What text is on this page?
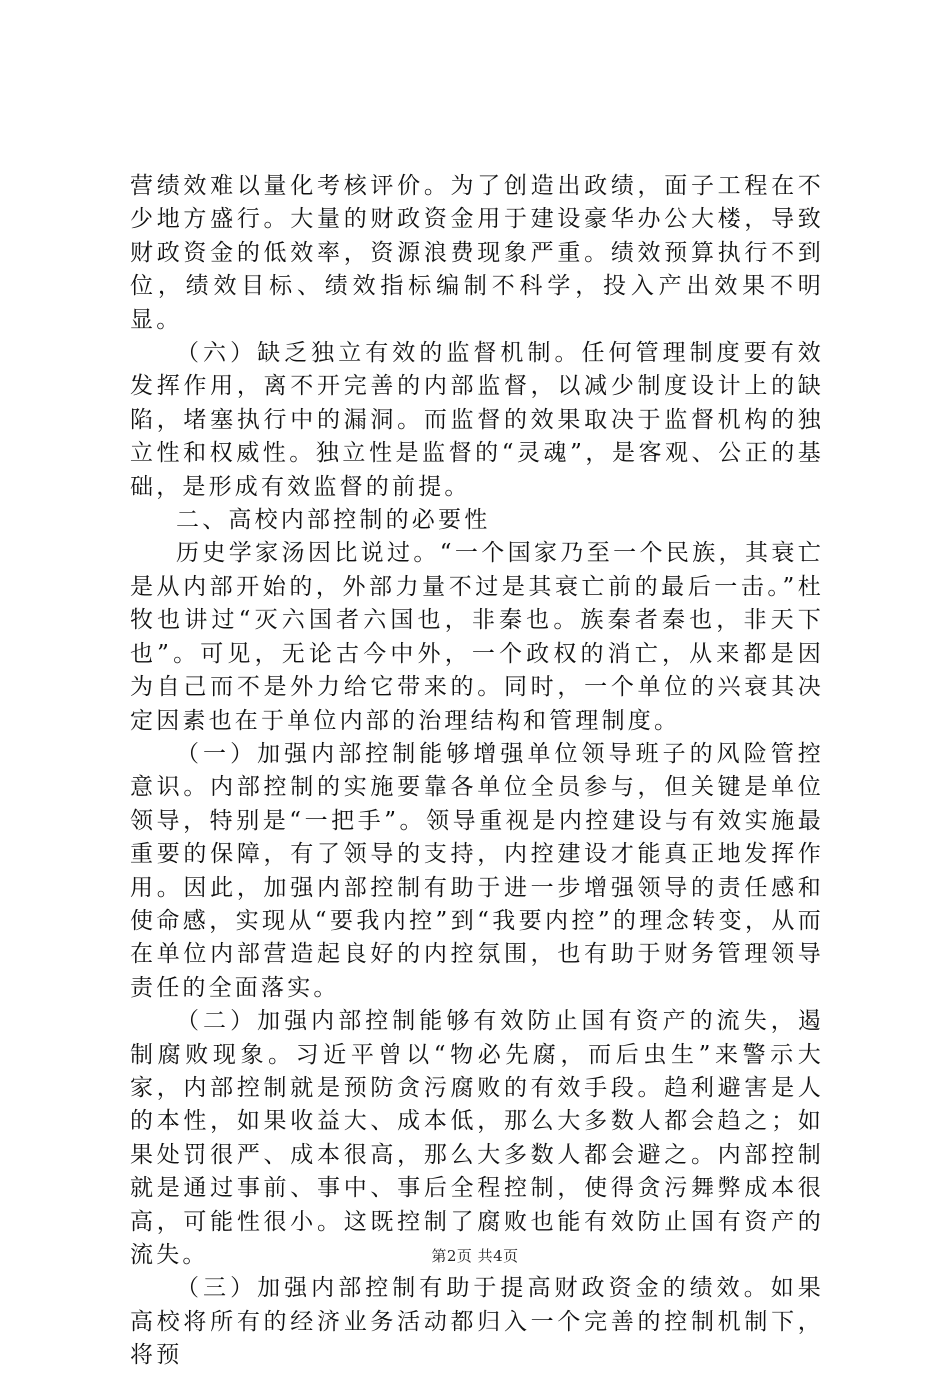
营绩效难以量化考核评价。为了创造出政绩，面子工程在不少地方盛行。大量的财政资金用于建设豪华办公大楼，导致财政资金的低效率，资源浪费现象严重。绩效预算执行不到位，绩效目标、绩效指标编制不科学，投入产出效果不明显。

（六）缺乏独立有效的监督机制。任何管理制度要有效发挥作用，离不开完善的内部监督，以减少制度设计上的缺陷，堵塞执行中的漏洞。而监督的效果取决于监督机构的独立性和权威性。独立性是监督的“灵魂”，是客观、公正的基础，是形成有效监督的前提。

二、高校内部控制的必要性

历史学家汤因比说过。“一个国家乃至一个民族，其衰亡是从内部开始的，外部力量不过是其衰亡前的最后一击。”杜牧也讲过“灭六国者六国也，非秦也。族秦者秦也，非天下也”。可见，无论古今中外，一个政权的消亡，从来都是因为自己而不是外力给它带来的。同时，一个单位的兴衰其决定因素也在于单位内部的治理结构和管理制度。

（一）加强内部控制能够增强单位领导班子的风险管控意识。内部控制的实施要靠各单位全员参与，但关键是单位领导，特别是“一把手”。领导重视是内控建设与有效实施最重要的保障，有了领导的支持，内控建设才能真正地发挥作用。因此，加强内部控制有助于进一步增强领导的责任感和使命感，实现从“要我内控”到“我要内控”的理念转变，从而在单位内部营造起良好的内控氛围，也有助于财务管理领导责任的全面落实。

（二）加强内部控制能够有效防止国有资产的流失，遏制腐败现象。习近平曾以“物必先腐，而后虫生”来警示大家，内部控制就是预防贪污腐败的有效手段。趋利避害是人的本性，如果收益大、成本低，那么大多数人都会趋之；如果处罚很严、成本很高，那么大多数人都会避之。内部控制就是通过事前、事中、事后全程控制，使得贪污舞弊成本很高，可能性很小。这既控制了腐败也能有效防止国有资产的流失。

（三）加强内部控制有助于提高财政资金的绩效。如果高校将所有的经济业务活动都归入一个完善的控制机制下，将预

第2页 共4页
